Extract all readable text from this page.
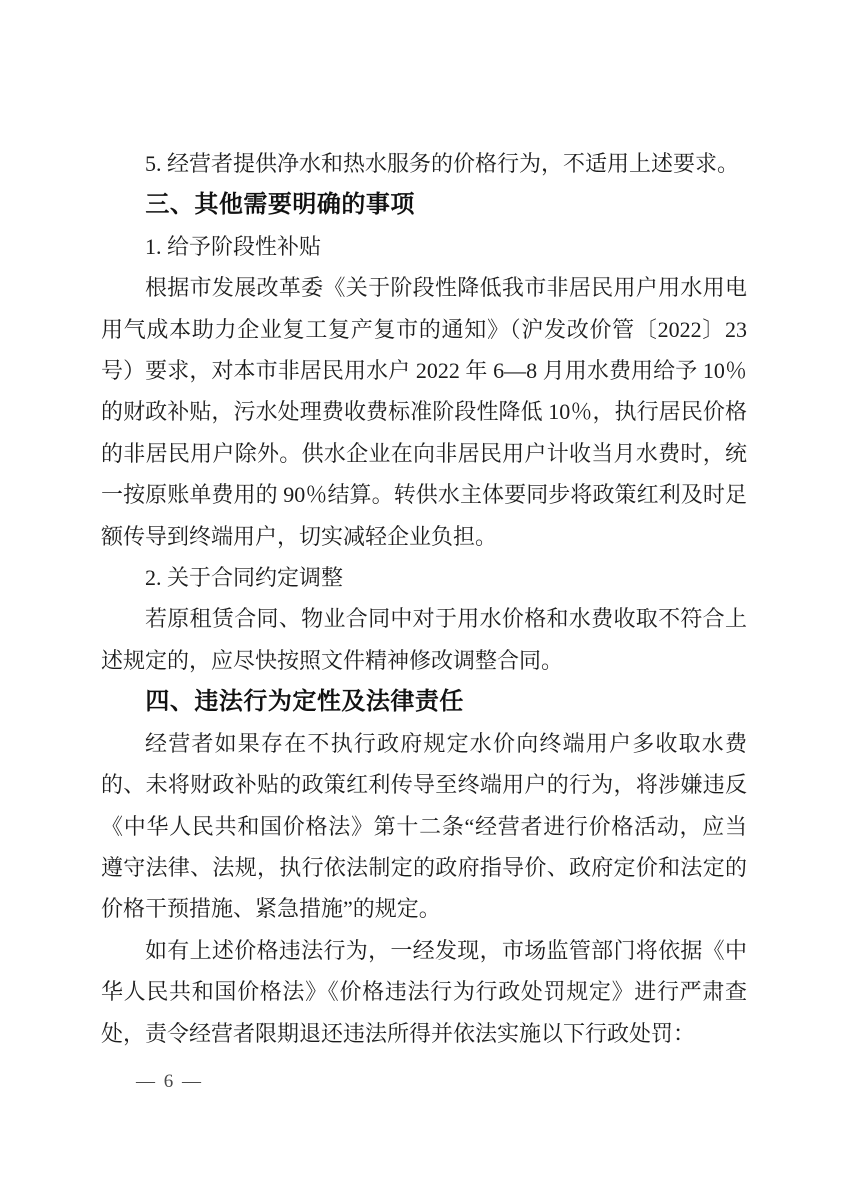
5. 经营者提供净水和热水服务的价格行为，不适用上述要求。

三、其他需要明确的事项

1. 给予阶段性补贴

根据市发展改革委《关于阶段性降低我市非居民用户用水用电用气成本助力企业复工复产复市的通知》（沪发改价管〔2022〕23 号）要求，对本市非居民用水户 2022 年 6—8 月用水费用给予 10％的财政补贴，污水处理费收费标准阶段性降低 10％，执行居民价格的非居民用户除外。供水企业在向非居民用户计收当月水费时，统一按原账单费用的 90％结算。转供水主体要同步将政策红利及时足额传导到终端用户，切实减轻企业负担。

2. 关于合同约定调整

若原租赁合同、物业合同中对于用水价格和水费收取不符合上述规定的，应尽快按照文件精神修改调整合同。

四、违法行为定性及法律责任

经营者如果存在不执行政府规定水价向终端用户多收取水费的、未将财政补贴的政策红利传导至终端用户的行为，将涉嫌违反《中华人民共和国价格法》第十二条“经营者进行价格活动，应当遵守法律、法规，执行依法制定的政府指导价、政府定价和法定的价格干预措施、紧急措施”的规定。

如有上述价格违法行为，一经发现，市场监管部门将依据《中华人民共和国价格法》《价格违法行为行政处罚规定》进行严肃查处，责令经营者限期退还违法所得并依法实施以下行政处罚：

— 6 —
